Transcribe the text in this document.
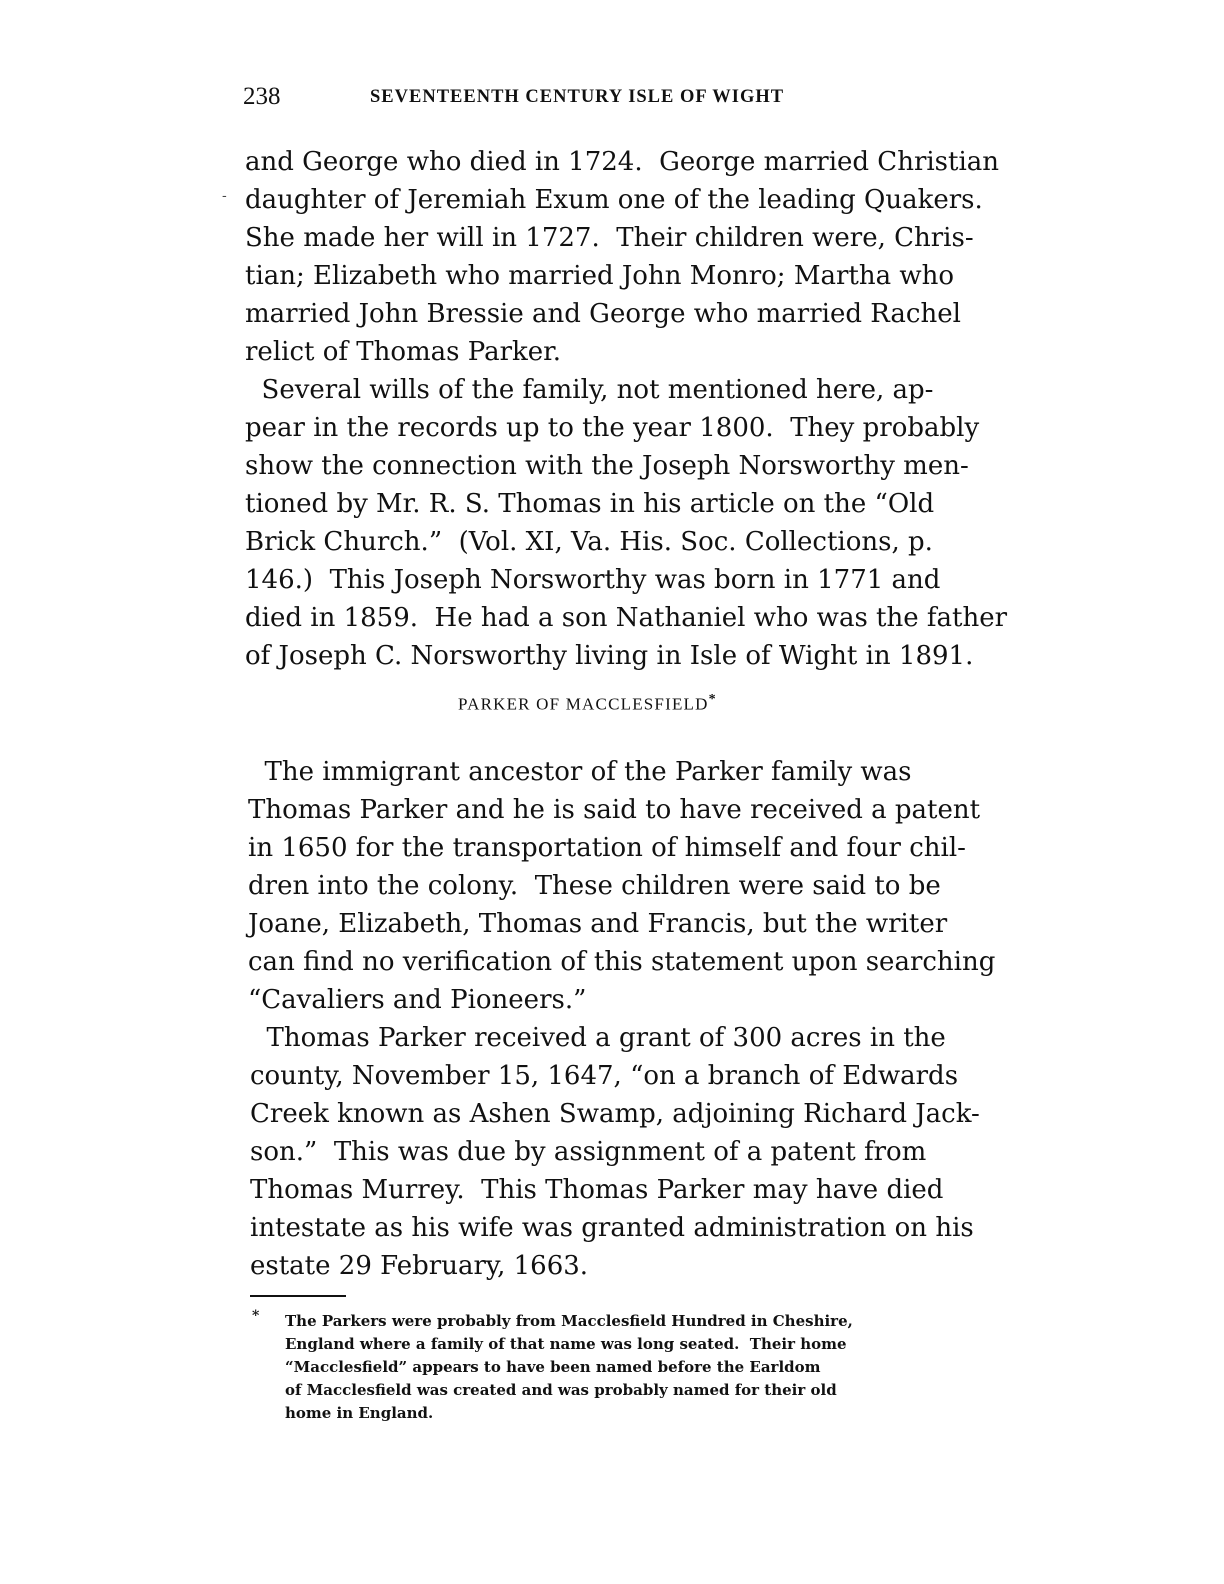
238	SEVENTEENTH CENTURY ISLE OF WIGHT
-

and George who died in 1724.  George married Christian
daughter of Jeremiah Exum one of the leading Quakers.
She made her will in 1727.  Their children were, Chris-
tian; Elizabeth who married John Monro; Martha who
married John Bressie and George who married Rachel
relict of Thomas Parker.

Several wills of the family, not mentioned here, ap-
pear in the records up to the year 1800.  They probably
show the connection with the Joseph Norsworthy men-
tioned by Mr. R. S. Thomas in his article on the “Old
Brick Church.”  (Vol. XI, Va. His. Soc. Collections, p.
146.)  This Joseph Norsworthy was born in 1771 and
died in 1859.  He had a son Nathaniel who was the father
of Joseph C. Norsworthy living in Isle of Wight in 1891.

PARKER OF MACCLESFIELD*

The immigrant ancestor of the Parker family was
Thomas Parker and he is said to have received a patent
in 1650 for the transportation of himself and four chil-
dren into the colony.  These children were said to be
Joane, Elizabeth, Thomas and Francis, but the writer
can find no verification of this statement upon searching
“Cavaliers and Pioneers.”

Thomas Parker received a grant of 300 acres in the
county, November 15, 1647, “on a branch of Edwards
Creek known as Ashen Swamp, adjoining Richard Jack-
son.”  This was due by assignment of a patent from
Thomas Murrey.  This Thomas Parker may have died
intestate as his wife was granted administration on his
estate 29 February, 1663.

* The Parkers were probably from Macclesfield Hundred in Cheshire,
England where a family of that name was long seated.  Their home
“Macclesfield” appears to have been named before the Earldom
of Macclesfield was created and was probably named for their old
home in England.
